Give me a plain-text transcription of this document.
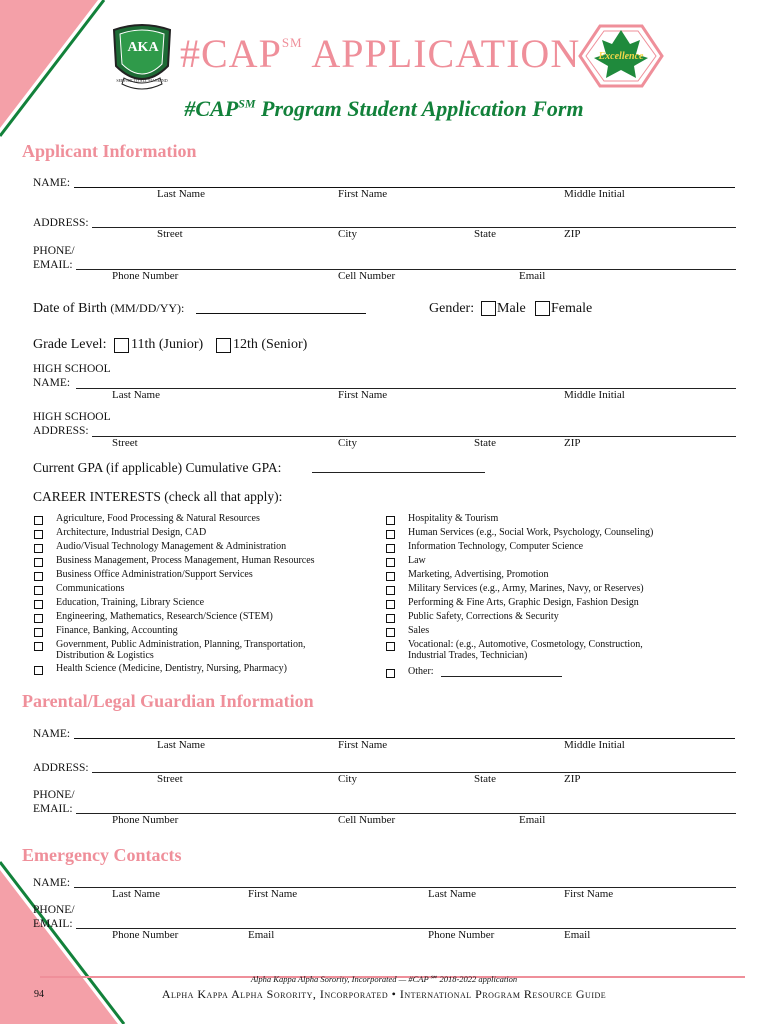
ΑΚΑ
SERVICE TO ALL MANKIND
#CAP℠ APPLICATION	Excellence
#CAP℠ Program Student Application Form
Applicant Information
NAME:
Last Name	First Name	Middle Initial
ADDRESS:
Street	City	State	ZIP
PHONE/
EMAIL:
Phone Number	Cell Number	Email
Date of Birth (MM/DD/YY):	Gender: Male Female
Grade Level: 11th (Junior) 12th (Senior)
HIGH SCHOOL
NAME:
Last Name	First Name	Middle Initial
HIGH SCHOOL
ADDRESS:
Street	City	State	ZIP
Current GPA (if applicable) Cumulative GPA:
CAREER INTERESTS (check all that apply):
Agriculture, Food Processing & Natural Resources
Architecture, Industrial Design, CAD
Audio/Visual Technology Management & Administration
Business Management, Process Management, Human Resources
Business Office Administration/Support Services
Communications
Education, Training, Library Science
Engineering, Mathematics, Research/Science (STEM)
Finance, Banking, Accounting
Government, Public Administration, Planning, Transportation,
Health Science (Medicine, Dentistry, Nursing, Pharmacy)
Hospitality & Tourism
Human Services (e.g., Social Work, Psychology, Counseling)
Information Technology, Computer Science
Law
Marketing, Advertising, Promotion
Military Services (e.g., Army, Marines, Navy, or Reserves)
Performing & Fine Arts, Graphic Design, Fashion Design
Public Safety, Corrections & Security
Sales
Vocational: (e.g., Automotive, Cosmetology, Construction,
Other:
Distribution & Logistics	Industrial Trades, Technician)
Parental/Legal Guardian Information
NAME:
Last Name	First Name	Middle Initial
ADDRESS:
Street	City	State	ZIP
PHONE/
EMAIL:
Phone Number	Cell Number	Email
Emergency Contacts
NAME:
Last Name	First Name	Last Name	First Name
PHONE/
EMAIL:
Phone Number	Email	Phone Number	Email
Alpha Kappa Alpha Sorority, Incorporated — #CAP℠ 2018-2022 application
Alpha Kappa Alpha Sorority, Incorporated • International Program Resource Guide
94
